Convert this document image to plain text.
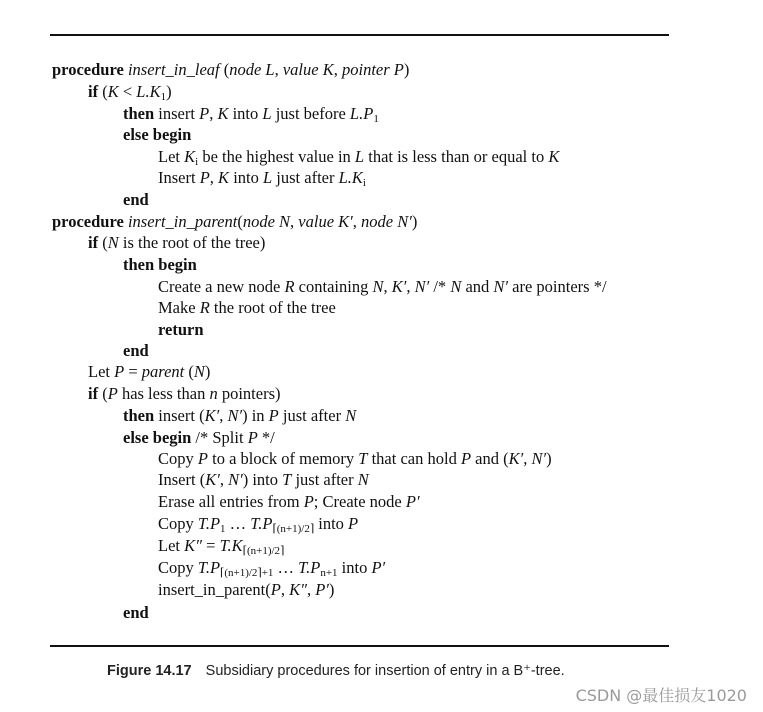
procedure insert_in_leaf (node L, value K, pointer P)
if $(K < L.K_1)$
then insert P, K into L just before $L.P_1$
else begin
Let $K_i$ be the highest value in L that is less than or equal to K
Insert P, K into L just after $L.K_i$
end
procedure insert_in_parent(node N, value K′, node N′)
if (N is the root of the tree)
then begin
Create a new node R containing N, K′, N′ /* N and N′ are pointers */
Make R the root of the tree
return
end
Let P = parent (N)
if (P has less than n pointers)
then insert (K′, N′) in P just after N
else begin /* Split P */
Copy P to a block of memory T that can hold P and (K′, N′)
Insert (K′, N′) into T just after N
Erase all entries from P; Create node P′
Copy $T.P_1$ … $T.P_{⌈(n+1)/2⌉}$ into P
Let $K'' = T.K_{⌈(n+1)/2⌉}$
Copy $T.P_{⌈(n+1)/2⌉+1}$ … $T.P_{n+1}$ into P′
insert_in_parent(P, K″, P′)
end
Figure 14.17 Subsidiary procedures for insertion of entry in a B⁺-tree.
CSDN @最佳损友1020
